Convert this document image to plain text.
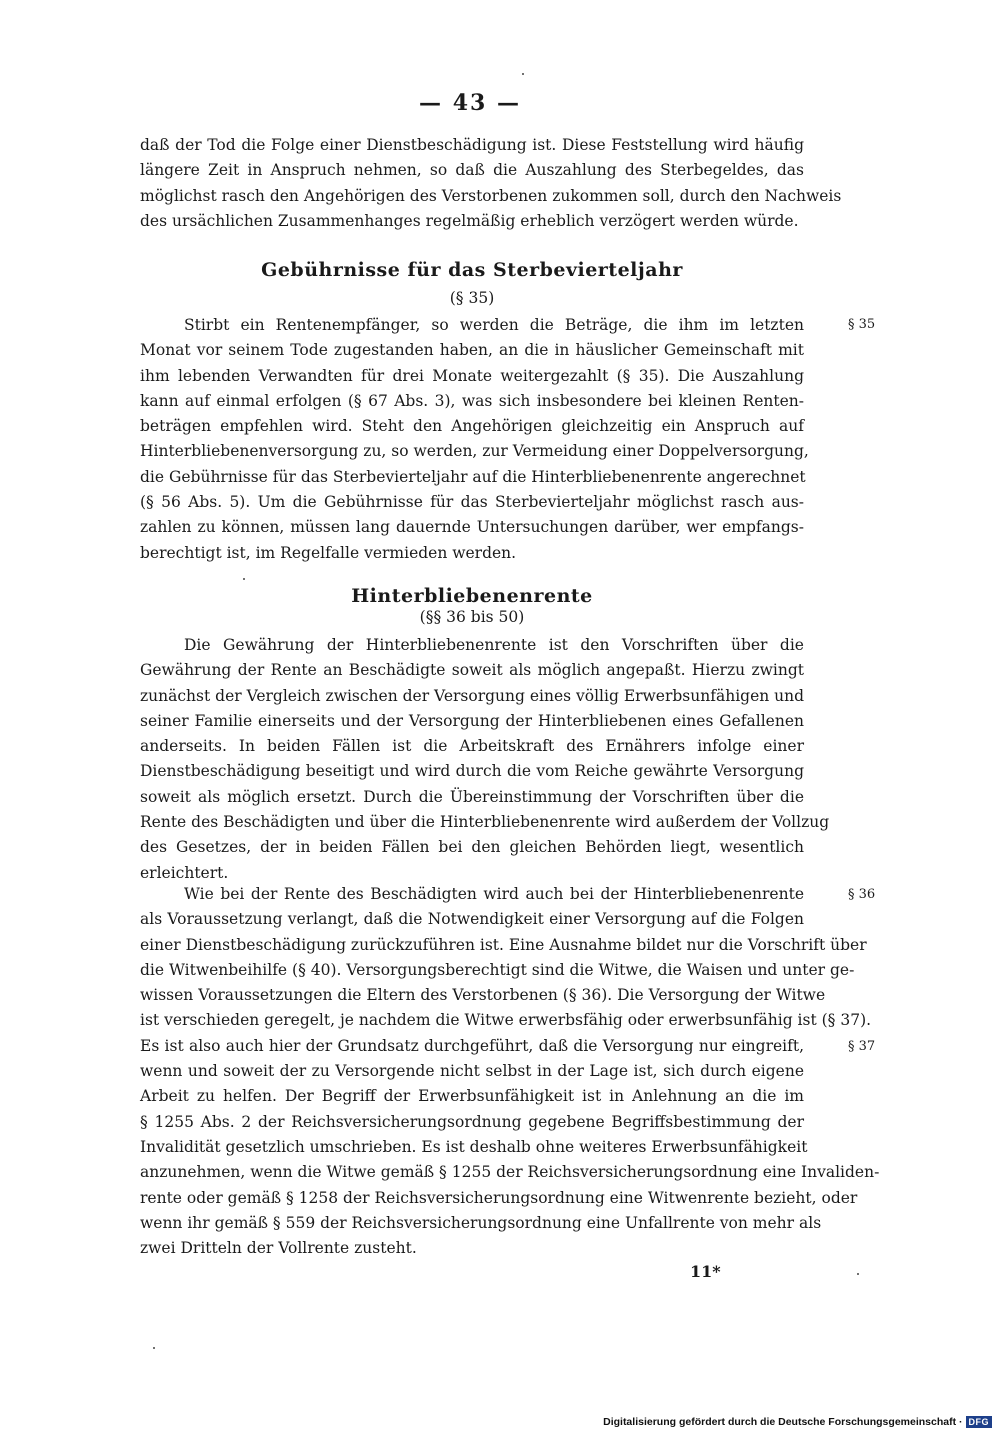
— 43 —
daß der Tod die Folge einer Dienstbeschädigung ist. Diese Feststellung wird häufig
längere Zeit in Anspruch nehmen, so daß die Auszahlung des Sterbegeldes, das
möglichst rasch den Angehörigen des Verstorbenen zukommen soll, durch den Nachweis
des ursächlichen Zusammenhanges regelmäßig erheblich verzögert werden würde.
Gebührnisse für das Sterbevierteljahr
(§ 35)
§ 35
Stirbt ein Rentenempfänger, so werden die Beträge, die ihm im letzten
Monat vor seinem Tode zugestanden haben, an die in häuslicher Gemeinschaft mit
ihm lebenden Verwandten für drei Monate weitergezahlt (§ 35). Die Auszahlung
kann auf einmal erfolgen (§ 67 Abs. 3), was sich insbesondere bei kleinen Renten-
beträgen empfehlen wird. Steht den Angehörigen gleichzeitig ein Anspruch auf
Hinterbliebenenversorgung zu, so werden, zur Vermeidung einer Doppelversorgung,
die Gebührnisse für das Sterbevierteljahr auf die Hinterbliebenenrente angerechnet
(§ 56 Abs. 5). Um die Gebührnisse für das Sterbevierteljahr möglichst rasch aus-
zahlen zu können, müssen lang dauernde Untersuchungen darüber, wer empfangs-
berechtigt ist, im Regelfalle vermieden werden.
Hinterbliebenenrente
(§§ 36 bis 50)
Die Gewährung der Hinterbliebenenrente ist den Vorschriften über die
Gewährung der Rente an Beschädigte soweit als möglich angepaßt. Hierzu zwingt
zunächst der Vergleich zwischen der Versorgung eines völlig Erwerbsunfähigen und
seiner Familie einerseits und der Versorgung der Hinterbliebenen eines Gefallenen
anderseits. In beiden Fällen ist die Arbeitskraft des Ernährers infolge einer
Dienstbeschädigung beseitigt und wird durch die vom Reiche gewährte Versorgung
soweit als möglich ersetzt. Durch die Übereinstimmung der Vorschriften über die
Rente des Beschädigten und über die Hinterbliebenenrente wird außerdem der Vollzug
des Gesetzes, der in beiden Fällen bei den gleichen Behörden liegt, wesentlich
erleichtert.
§ 36
§ 37
Wie bei der Rente des Beschädigten wird auch bei der Hinterbliebenenrente
als Voraussetzung verlangt, daß die Notwendigkeit einer Versorgung auf die Folgen
einer Dienstbeschädigung zurückzuführen ist. Eine Ausnahme bildet nur die Vorschrift über
die Witwenbeihilfe (§ 40). Versorgungsberechtigt sind die Witwe, die Waisen und unter ge-
wissen Voraussetzungen die Eltern des Verstorbenen (§ 36). Die Versorgung der Witwe
ist verschieden geregelt, je nachdem die Witwe erwerbsfähig oder erwerbsunfähig ist (§ 37).
Es ist also auch hier der Grundsatz durchgeführt, daß die Versorgung nur eingreift,
wenn und soweit der zu Versorgende nicht selbst in der Lage ist, sich durch eigene
Arbeit zu helfen. Der Begriff der Erwerbsunfähigkeit ist in Anlehnung an die im
§ 1255 Abs. 2 der Reichsversicherungsordnung gegebene Begriffsbestimmung der
Invalidität gesetzlich umschrieben. Es ist deshalb ohne weiteres Erwerbsunfähigkeit
anzunehmen, wenn die Witwe gemäß § 1255 der Reichsversicherungsordnung eine Invaliden-
rente oder gemäß § 1258 der Reichsversicherungsordnung eine Witwenrente bezieht, oder
wenn ihr gemäß § 559 der Reichsversicherungsordnung eine Unfallrente von mehr als
zwei Dritteln der Vollrente zusteht.
11*
Digitalisierung gefördert durch die Deutsche Forschungsgemeinschaft · DFG
